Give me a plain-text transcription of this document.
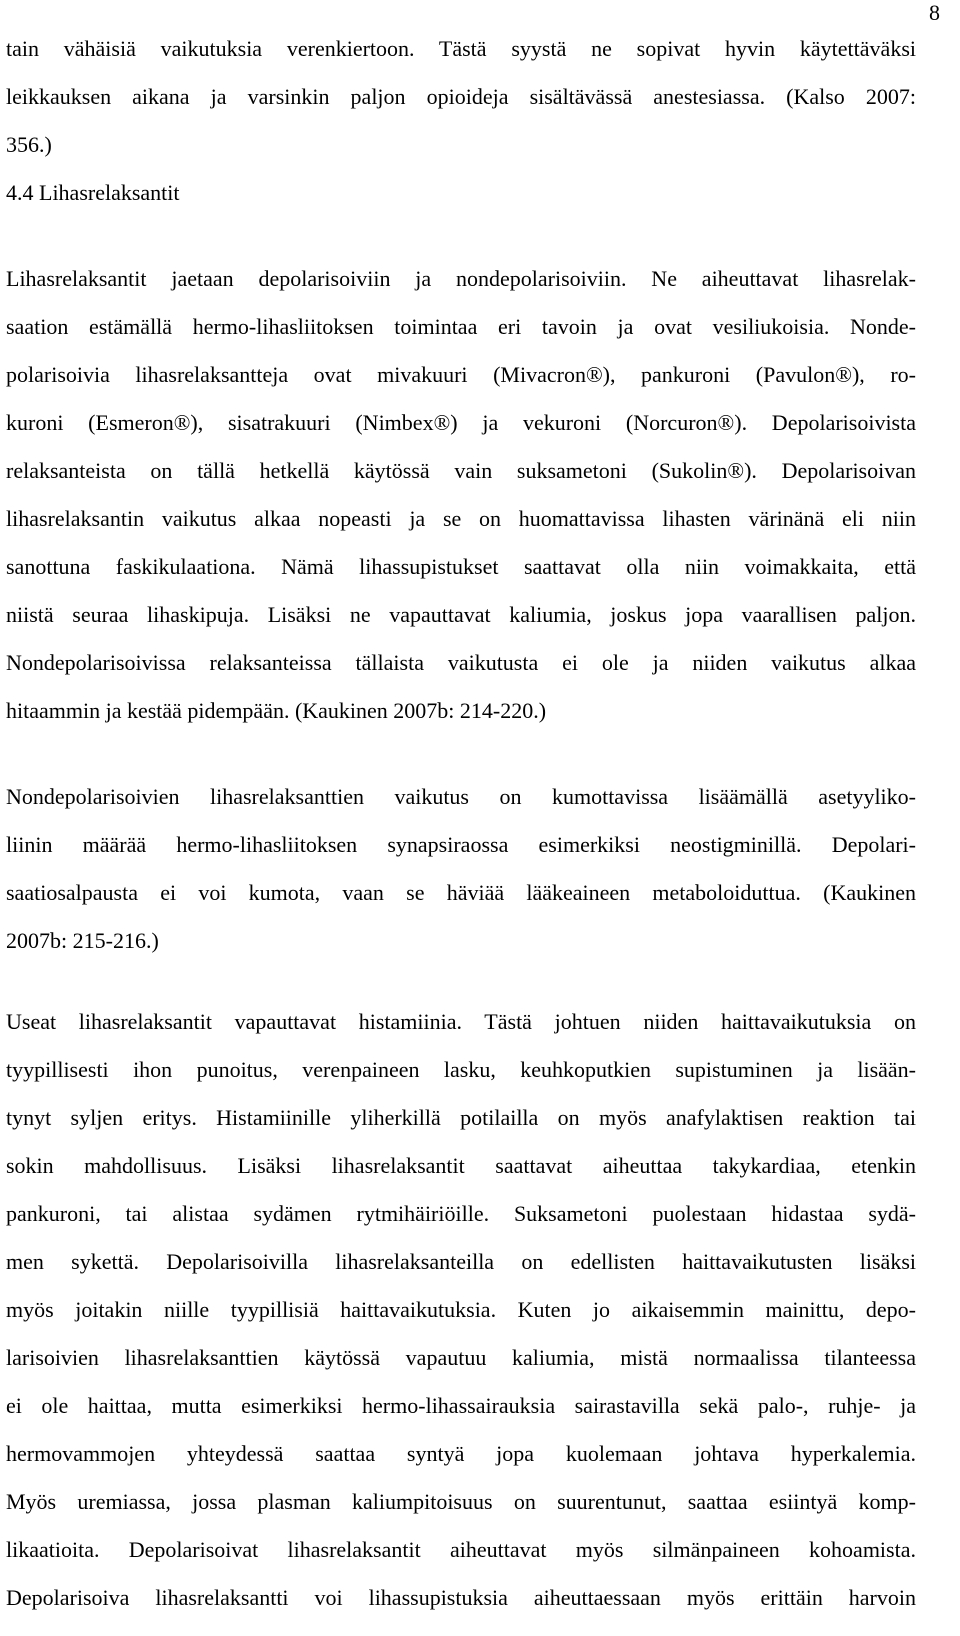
8
tain vähäisiä vaikutuksia verenkiertoon. Tästä syystä ne sopivat hyvin käytettäväksi
leikkauksen aikana ja varsinkin paljon opioideja sisältävässä anestesiassa. (Kalso 2007:
356.)
4.4 Lihasrelaksantit
Lihasrelaksantit jaetaan depolarisoiviin ja nondepolarisoiviin. Ne aiheuttavat lihasrelak-
saation estämällä hermo-lihasliitoksen toimintaa eri tavoin ja ovat vesiliukoisia. Nonde-
polarisoivia lihasrelaksantteja ovat mivakuuri (Mivacron®), pankuroni (Pavulon®), ro-
kuroni (Esmeron®), sisatrakuuri (Nimbex®) ja vekuroni (Norcuron®). Depolarisoivista
relaksanteista on tällä hetkellä käytössä vain suksametoni (Sukolin®). Depolarisoivan
lihasrelaksantin vaikutus alkaa nopeasti ja se on huomattavissa lihasten värinänä eli niin
sanottuna faskikulaationa. Nämä lihassupistukset saattavat olla niin voimakkaita, että
niistä seuraa lihaskipuja. Lisäksi ne vapauttavat kaliumia, joskus jopa vaarallisen paljon.
Nondepolarisoivissa relaksanteissa tällaista vaikutusta ei ole ja niiden vaikutus alkaa
hitaammin ja kestää pidempään. (Kaukinen 2007b: 214-220.)
Nondepolarisoivien lihasrelaksanttien vaikutus on kumottavissa lisäämällä asetyyliko-
liinin määrää hermo-lihasliitoksen synapsiraossa esimerkiksi neostigminillä. Depolari-
saatiosalpausta ei voi kumota, vaan se häviää lääkeaineen metaboloiduttua. (Kaukinen
2007b: 215-216.)
Useat lihasrelaksantit vapauttavat histamiinia. Tästä johtuen niiden haittavaikutuksia on
tyypillisesti ihon punoitus, verenpaineen lasku, keuhkoputkien supistuminen ja lisään-
tynyt syljen eritys. Histamiinille yliherkillä potilailla on myös anafylaktisen reaktion tai
sokin mahdollisuus. Lisäksi lihasrelaksantit saattavat aiheuttaa takykardiaa, etenkin
pankuroni, tai alistaa sydämen rytmihäiriöille. Suksametoni puolestaan hidastaa sydä-
men sykettä. Depolarisoivilla lihasrelaksanteilla on edellisten haittavaikutusten lisäksi
myös joitakin niille tyypillisiä haittavaikutuksia. Kuten jo aikaisemmin mainittu, depo-
larisoivien lihasrelaksanttien käytössä vapautuu kaliumia, mistä normaalissa tilanteessa
ei ole haittaa, mutta esimerkiksi hermo-lihassairauksia sairastavilla sekä palo-, ruhje- ja
hermovammojen yhteydessä saattaa syntyä jopa kuolemaan johtava hyperkalemia.
Myös uremiassa, jossa plasman kaliumpitoisuus on suurentunut, saattaa esiintyä komp-
likaatioita. Depolarisoivat lihasrelaksantit aiheuttavat myös silmänpaineen kohoamista.
Depolarisoiva lihasrelaksantti voi lihassupistuksia aiheuttaessaan myös erittäin harvoin
